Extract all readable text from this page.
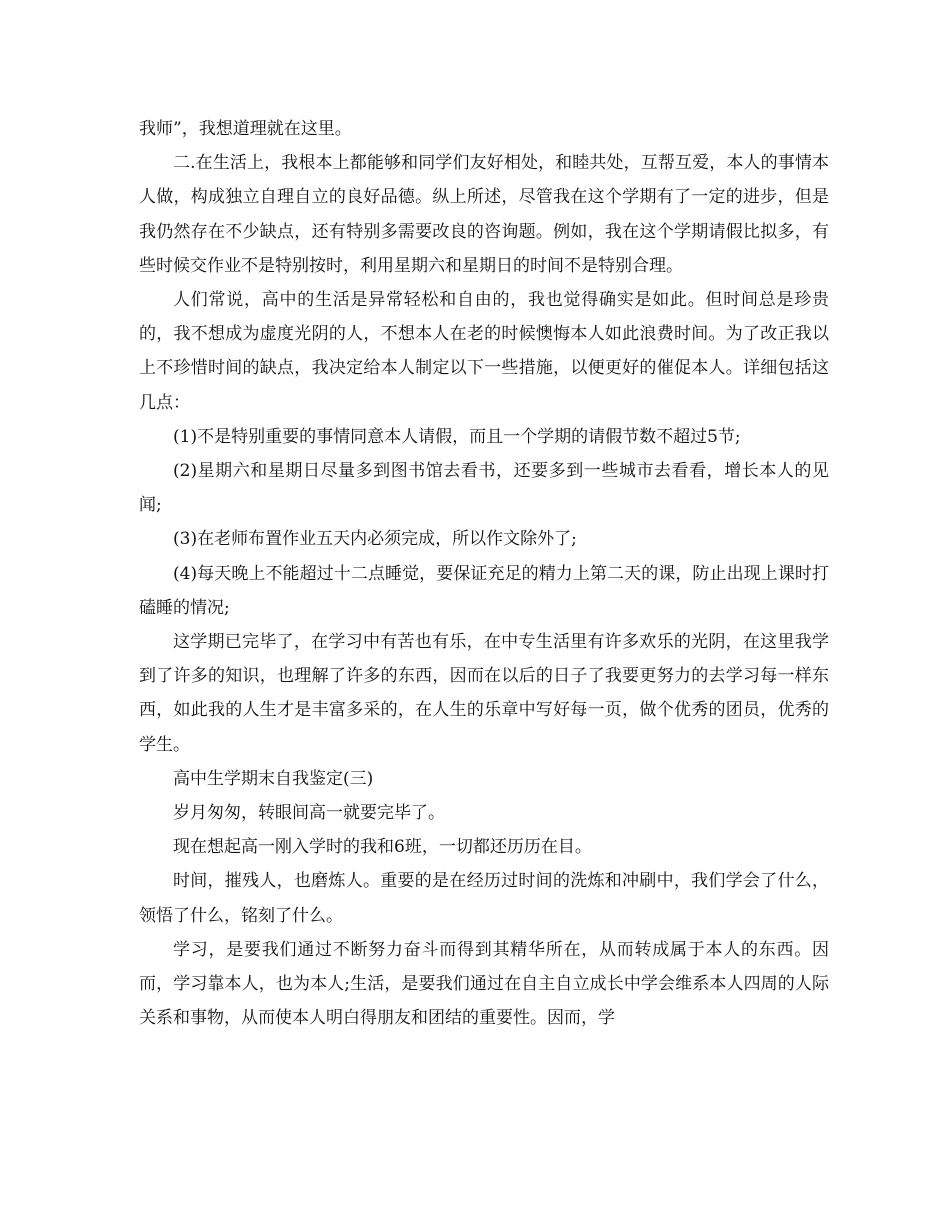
我师”，我想道理就在这里。

二.在生活上，我根本上都能够和同学们友好相处，和睦共处，互帮互爱，本人的事情本人做，构成独立自理自立的良好品德。纵上所述，尽管我在这个学期有了一定的进步，但是我仍然存在不少缺点，还有特别多需要改良的咨询题。例如，我在这个学期请假比拟多，有些时候交作业不是特别按时，利用星期六和星期日的时间不是特别合理。

人们常说，高中的生活是异常轻松和自由的，我也觉得确实是如此。但时间总是珍贵的，我不想成为虚度光阴的人，不想本人在老的时候懊悔本人如此浪费时间。为了改正我以上不珍惜时间的缺点，我决定给本人制定以下一些措施，以便更好的催促本人。详细包括这几点：

(1)不是特别重要的事情同意本人请假，而且一个学期的请假节数不超过5节;

(2)星期六和星期日尽量多到图书馆去看书，还要多到一些城市去看看，增长本人的见闻;

(3)在老师布置作业五天内必须完成，所以作文除外了;

(4)每天晚上不能超过十二点睡觉，要保证充足的精力上第二天的课，防止出现上课时打磕睡的情况;

这学期已完毕了，在学习中有苦也有乐，在中专生活里有许多欢乐的光阴，在这里我学到了许多的知识，也理解了许多的东西，因而在以后的日子了我要更努力的去学习每一样东西，如此我的人生才是丰富多采的，在人生的乐章中写好每一页，做个优秀的团员，优秀的学生。

高中生学期末自我鉴定(三)

岁月匆匆，转眼间高一就要完毕了。

现在想起高一刚入学时的我和6班，一切都还历历在目。

时间，摧残人，也磨炼人。重要的是在经历过时间的洗炼和冲刷中，我们学会了什么，领悟了什么，铭刻了什么。

学习，是要我们通过不断努力奋斗而得到其精华所在，从而转成属于本人的东西。因而，学习靠本人，也为本人;生活，是要我们通过在自主自立成长中学会维系本人四周的人际关系和事物，从而使本人明白得朋友和团结的重要性。因而，学
